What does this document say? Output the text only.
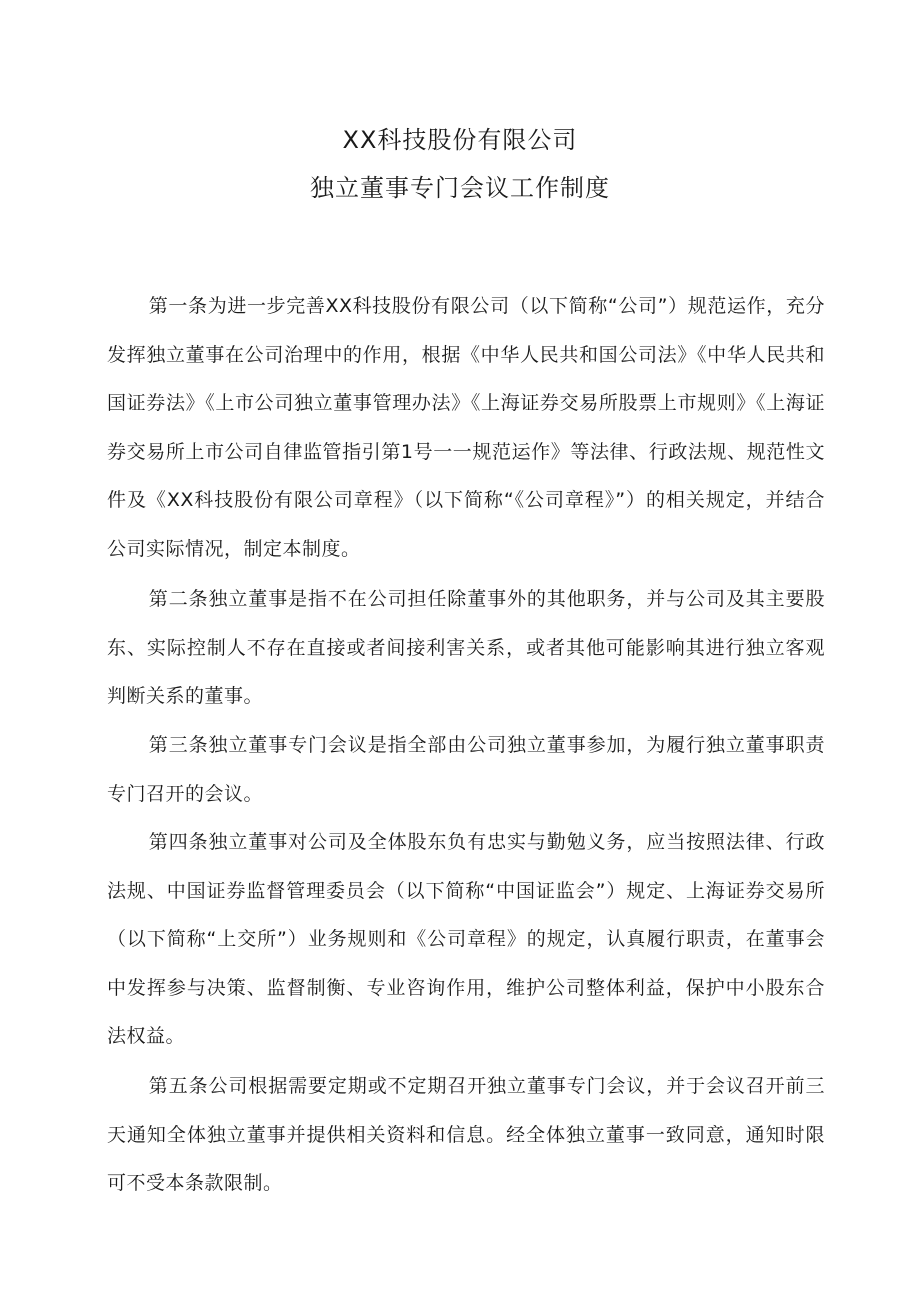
XX科技股份有限公司
独立董事专门会议工作制度

第一条为进一步完善XX科技股份有限公司（以下简称“公司”）规范运作，充分发挥独立董事在公司治理中的作用，根据《中华人民共和国公司法》《中华人民共和国证券法》《上市公司独立董事管理办法》《上海证券交易所股票上市规则》《上海证券交易所上市公司自律监管指引第1号一一规范运作》等法律、行政法规、规范性文件及《XX科技股份有限公司章程》（以下简称“《公司章程》”）的相关规定，并结合公司实际情况，制定本制度。

第二条独立董事是指不在公司担任除董事外的其他职务，并与公司及其主要股东、实际控制人不存在直接或者间接利害关系，或者其他可能影响其进行独立客观判断关系的董事。

第三条独立董事专门会议是指全部由公司独立董事参加，为履行独立董事职责专门召开的会议。

第四条独立董事对公司及全体股东负有忠实与勤勉义务，应当按照法律、行政法规、中国证券监督管理委员会（以下简称“中国证监会”）规定、上海证券交易所（以下简称“上交所”）业务规则和《公司章程》的规定，认真履行职责，在董事会中发挥参与决策、监督制衡、专业咨询作用，维护公司整体利益，保护中小股东合法权益。

第五条公司根据需要定期或不定期召开独立董事专门会议，并于会议召开前三天通知全体独立董事并提供相关资料和信息。经全体独立董事一致同意，通知时限可不受本条款限制。
